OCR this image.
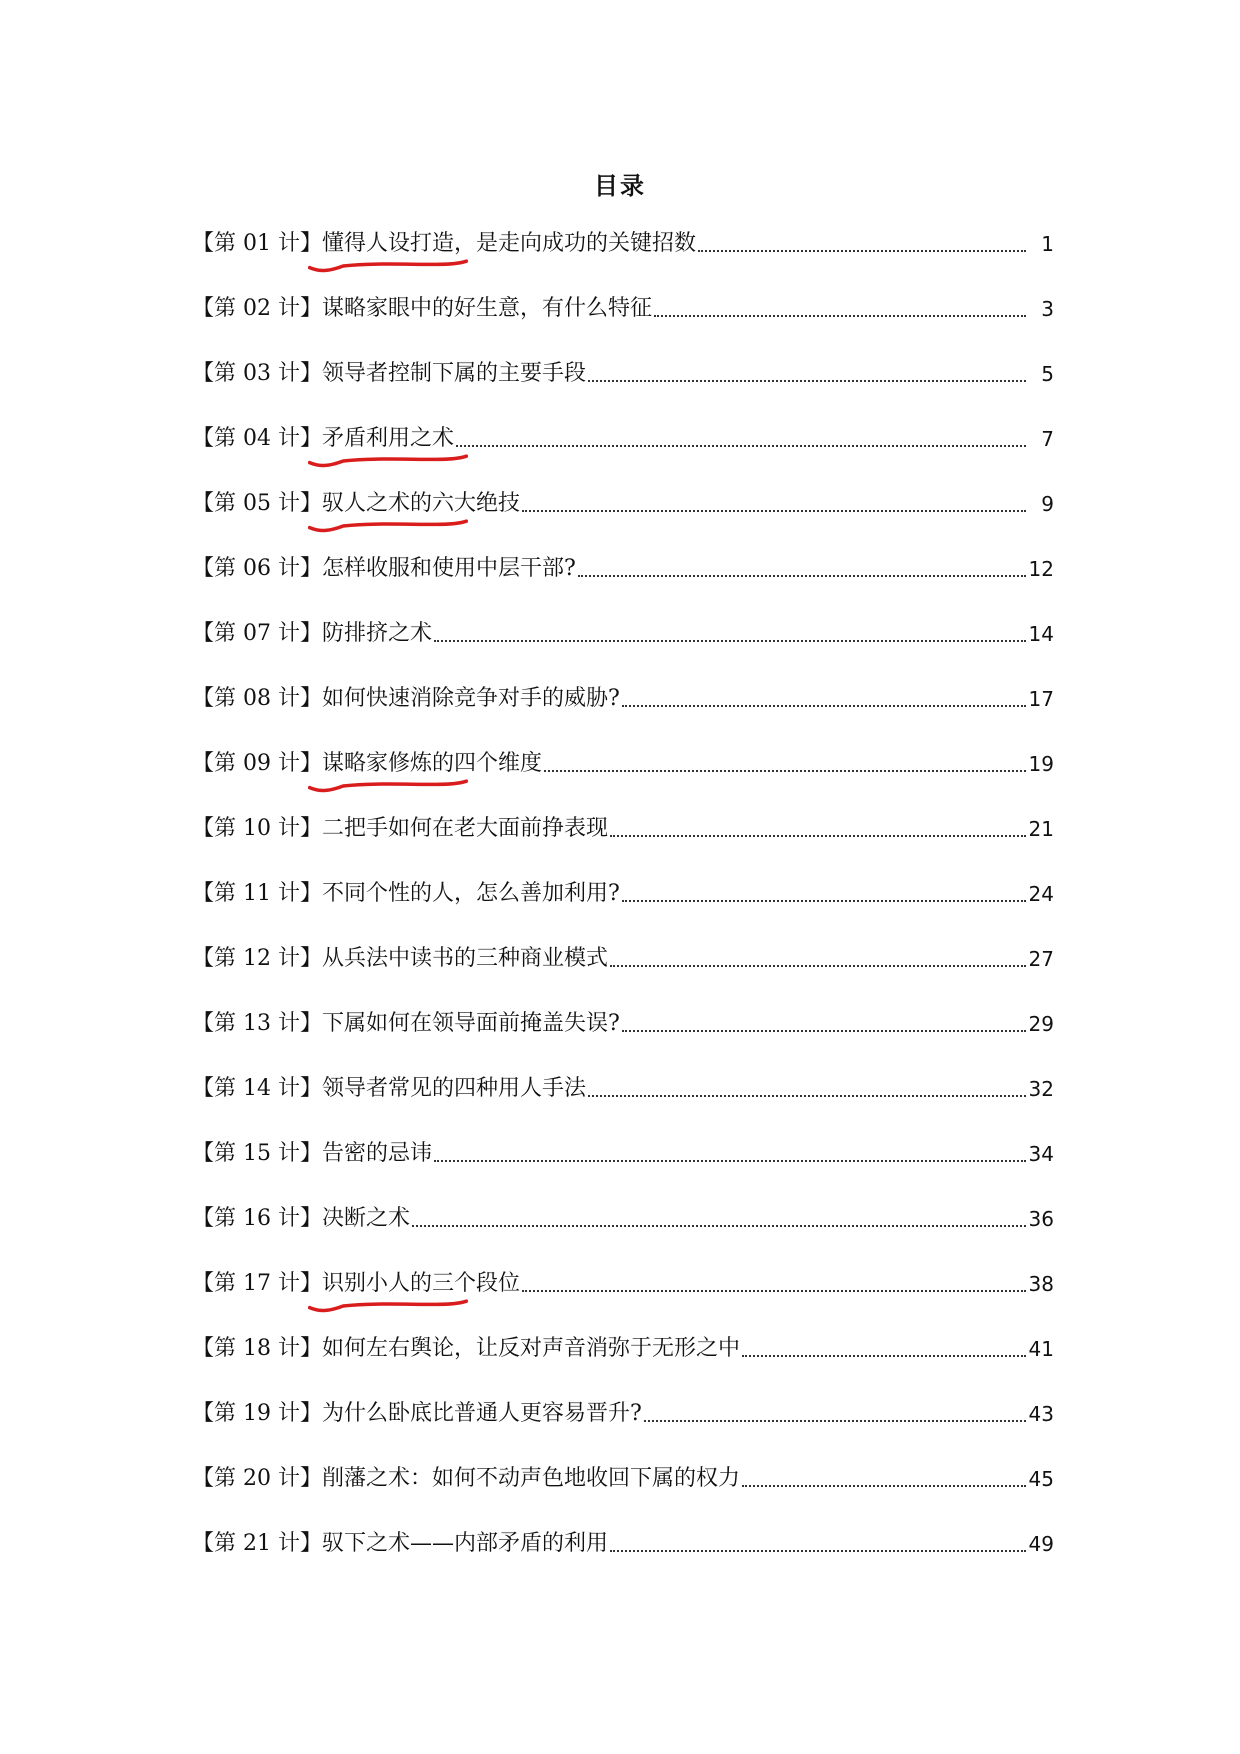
目录
【第 01 计】 懂得人设打造，是走向成功的关键招数	1
【第 02 计】 谋略家眼中的好生意，有什么特征	3
【第 03 计】 领导者控制下属的主要手段	5
【第 04 计】 矛盾利用之术	7
【第 05 计】 驭人之术的六大绝技	9
【第 06 计】 怎样收服和使用中层干部?	12
【第 07 计】 防排挤之术	14
【第 08 计】 如何快速消除竞争对手的威胁?	17
【第 09 计】 谋略家修炼的四个维度	19
【第 10 计】 二把手如何在老大面前挣表现	21
【第 11 计】 不同个性的人，怎么善加利用?	24
【第 12 计】 从兵法中读书的三种商业模式	27
【第 13 计】 下属如何在领导面前掩盖失误?	29
【第 14 计】 领导者常见的四种用人手法	32
【第 15 计】 告密的忌讳	34
【第 16 计】 决断之术	36
【第 17 计】 识别小人的三个段位	38
【第 18 计】 如何左右舆论，让反对声音消弥于无形之中	41
【第 19 计】 为什么卧底比普通人更容易晋升?	43
【第 20 计】 削藩之术：如何不动声色地收回下属的权力	45
【第 21 计】 驭下之术——内部矛盾的利用	49
